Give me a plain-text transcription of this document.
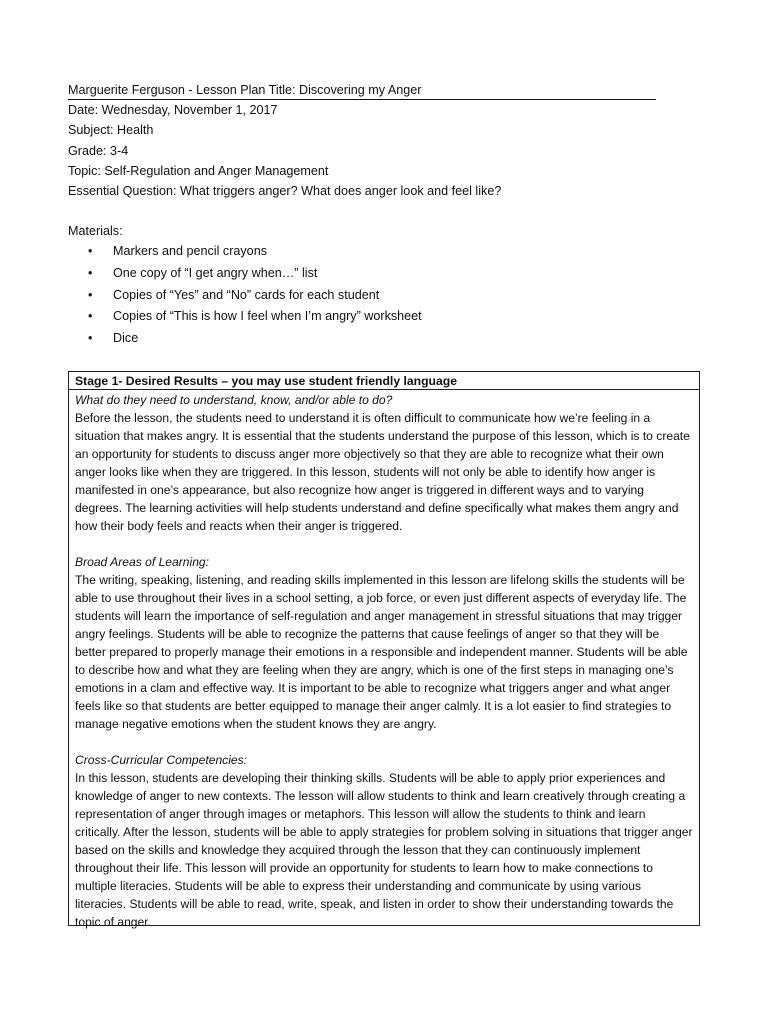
Marguerite Ferguson - Lesson Plan Title: Discovering my Anger
Date: Wednesday, November 1, 2017
Subject: Health
Grade: 3-4
Topic: Self-Regulation and Anger Management
Essential Question: What triggers anger? What does anger look and feel like?
Materials:
• Markers and pencil crayons
• One copy of “I get angry when…” list
• Copies of “Yes” and “No” cards for each student
• Copies of “This is how I feel when I’m angry” worksheet
• Dice
Stage 1- Desired Results – you may use student friendly language

What do they need to understand, know, and/or able to do?

Before the lesson, the students need to understand it is often difficult to communicate how we’re feeling in a situation that makes angry. It is essential that the students understand the purpose of this lesson, which is to create an opportunity for students to discuss anger more objectively so that they are able to recognize what their own anger looks like when they are triggered. In this lesson, students will not only be able to identify how anger is manifested in one’s appearance, but also recognize how anger is triggered in different ways and to varying degrees. The learning activities will help students understand and define specifically what makes them angry and how their body feels and reacts when their anger is triggered.

Broad Areas of Learning:

The writing, speaking, listening, and reading skills implemented in this lesson are lifelong skills the students will be able to use throughout their lives in a school setting, a job force, or even just different aspects of everyday life. The students will learn the importance of self-regulation and anger management in stressful situations that may trigger angry feelings. Students will be able to recognize the patterns that cause feelings of anger so that they will be better prepared to properly manage their emotions in a responsible and independent manner. Students will be able to describe how and what they are feeling when they are angry, which is one of the first steps in managing one’s emotions in a clam and effective way. It is important to be able to recognize what triggers anger and what anger feels like so that students are better equipped to manage their anger calmly. It is a lot easier to find strategies to manage negative emotions when the student knows they are angry.

Cross-Curricular Competencies:

In this lesson, students are developing their thinking skills. Students will be able to apply prior experiences and knowledge of anger to new contexts. The lesson will allow students to think and learn creatively through creating a representation of anger through images or metaphors. This lesson will allow the students to think and learn critically. After the lesson, students will be able to apply strategies for problem solving in situations that trigger anger based on the skills and knowledge they acquired through the lesson that they can continuously implement throughout their life. This lesson will provide an opportunity for students to learn how to make connections to multiple literacies. Students will be able to express their understanding and communicate by using various literacies. Students will be able to read, write, speak, and listen in order to show their understanding towards the topic of anger.
